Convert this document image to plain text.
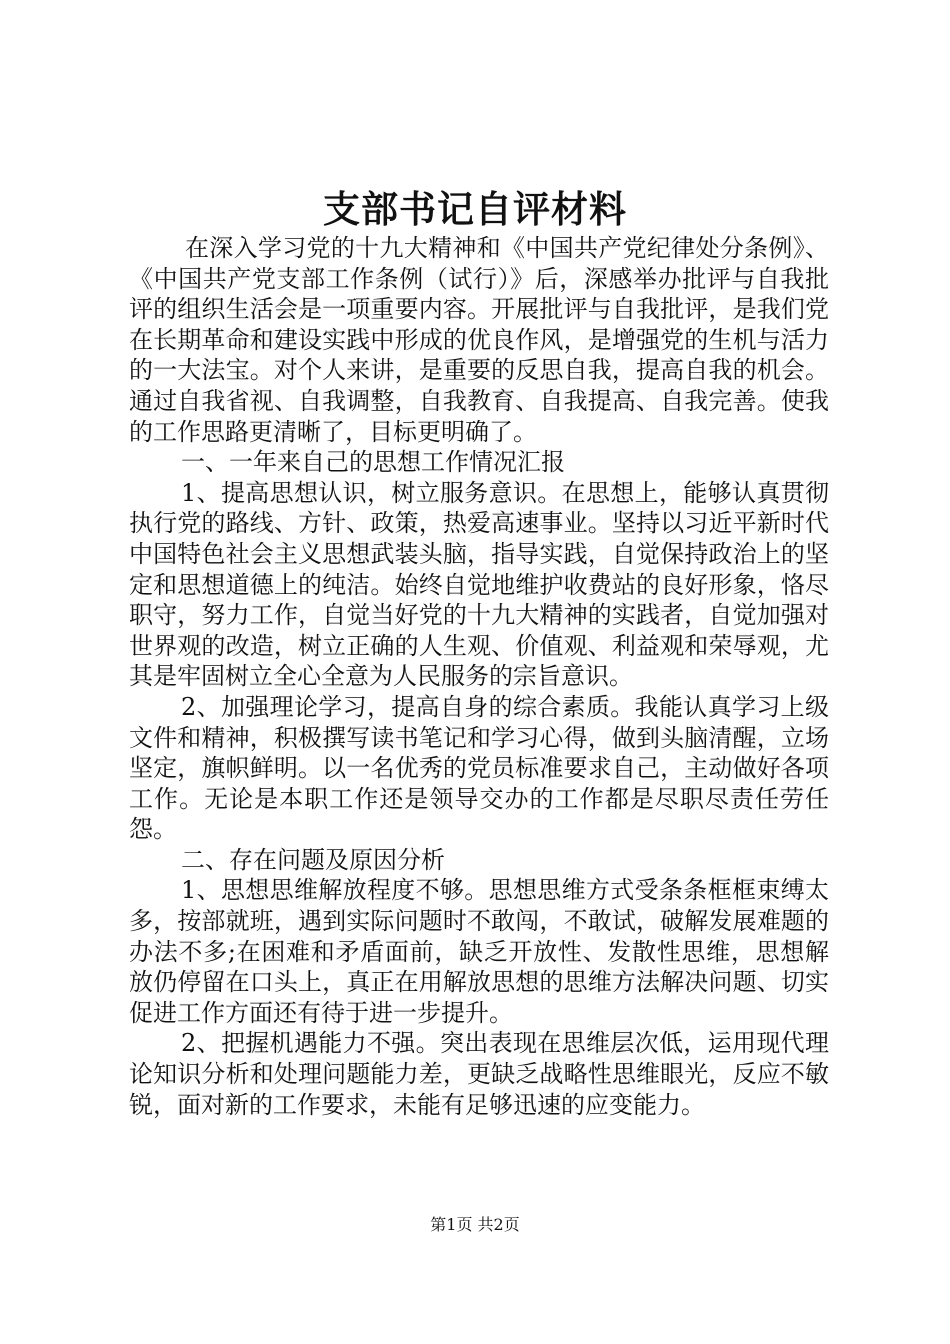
支部书记自评材料

在深入学习党的十九大精神和《中国共产党纪律处分条例》、《中国共产党支部工作条例（试行）》后，深感举办批评与自我批评的组织生活会是一项重要内容。开展批评与自我批评，是我们党在长期革命和建设实践中形成的优良作风，是增强党的生机与活力的一大法宝。对个人来讲，是重要的反思自我，提高自我的机会。通过自我省视、自我调整，自我教育、自我提高、自我完善。使我的工作思路更清晰了，目标更明确了。

一、一年来自己的思想工作情况汇报

1、提高思想认识，树立服务意识。在思想上，能够认真贯彻执行党的路线、方针、政策，热爱高速事业。坚持以习近平新时代中国特色社会主义思想武装头脑，指导实践，自觉保持政治上的坚定和思想道德上的纯洁。始终自觉地维护收费站的良好形象，恪尽职守，努力工作，自觉当好党的十九大精神的实践者，自觉加强对世界观的改造，树立正确的人生观、价值观、利益观和荣辱观，尤其是牢固树立全心全意为人民服务的宗旨意识。

2、加强理论学习，提高自身的综合素质。我能认真学习上级文件和精神，积极撰写读书笔记和学习心得，做到头脑清醒，立场坚定，旗帜鲜明。以一名优秀的党员标准要求自己，主动做好各项工作。无论是本职工作还是领导交办的工作都是尽职尽责任劳任怨。

二、存在问题及原因分析

1、思想思维解放程度不够。思想思维方式受条条框框束缚太多，按部就班，遇到实际问题时不敢闯，不敢试，破解发展难题的办法不多;在困难和矛盾面前，缺乏开放性、发散性思维，思想解放仍停留在口头上，真正在用解放思想的思维方法解决问题、切实促进工作方面还有待于进一步提升。

2、把握机遇能力不强。突出表现在思维层次低，运用现代理论知识分析和处理问题能力差，更缺乏战略性思维眼光，反应不敏锐，面对新的工作要求，未能有足够迅速的应变能力。

第1页 共2页
